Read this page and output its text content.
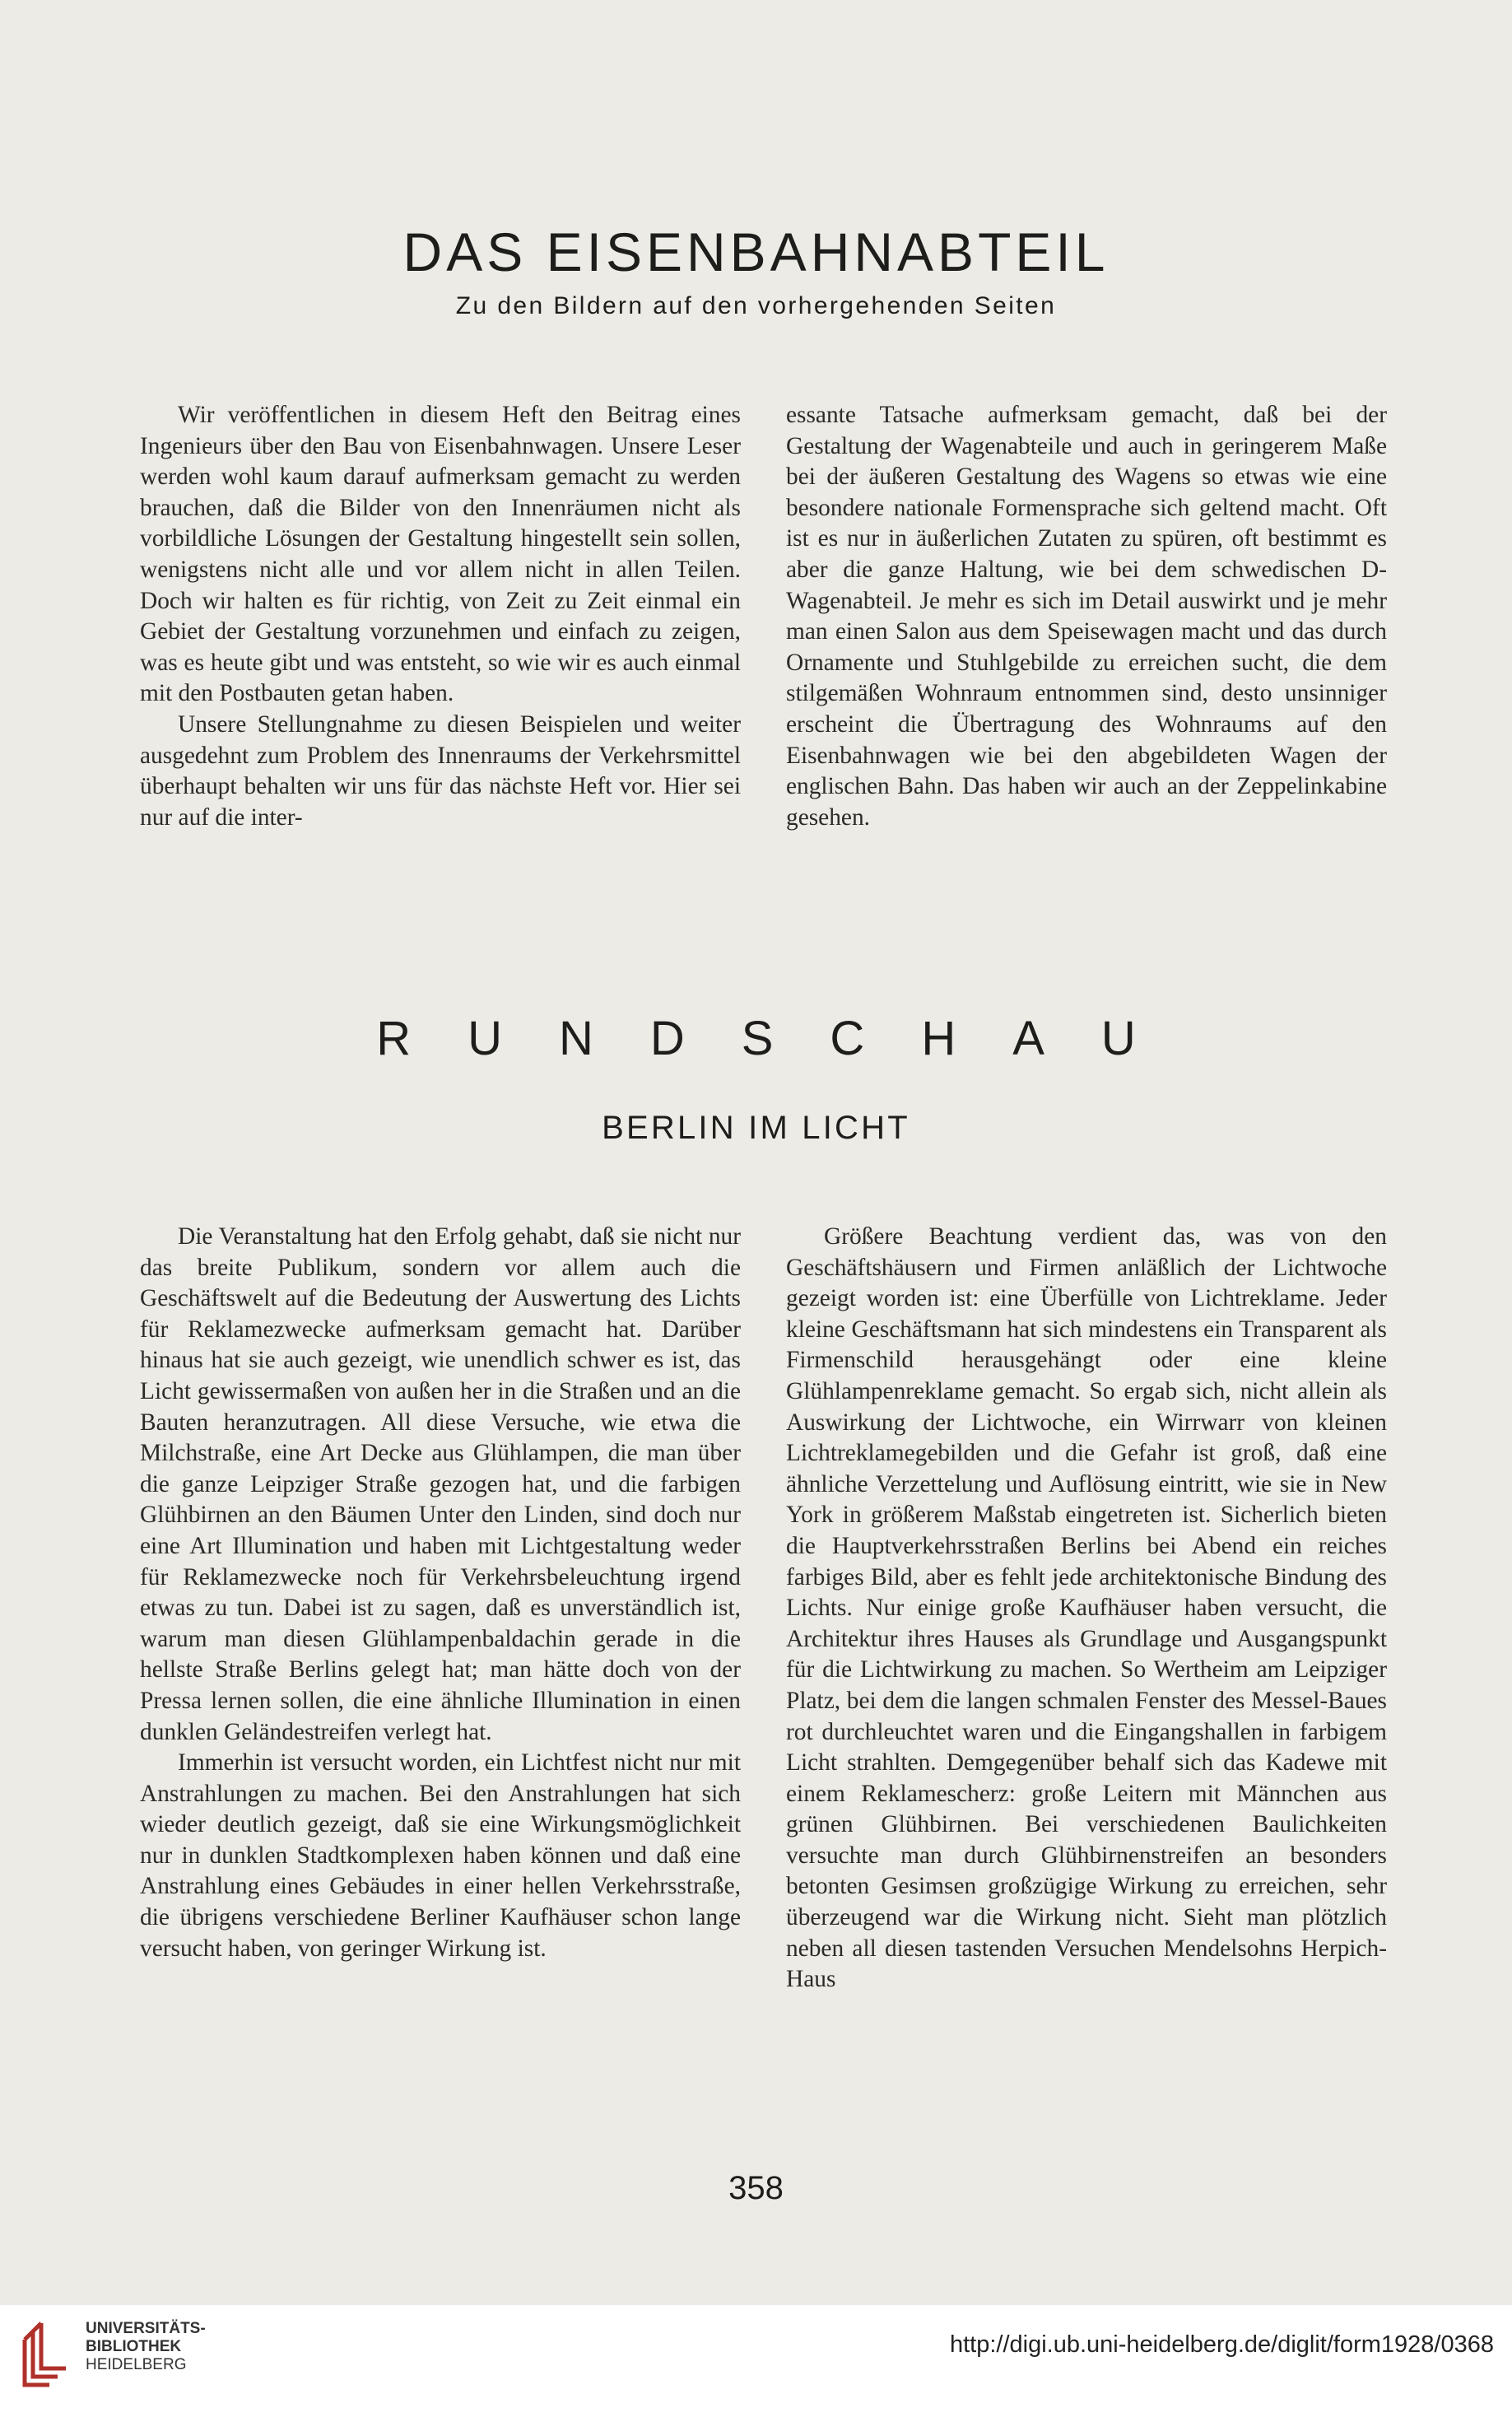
DAS EISENBAHNABTEIL
Zu den Bildern auf den vorhergehenden Seiten

Wir veröffentlichen in diesem Heft den Beitrag eines Ingenieurs über den Bau von Eisenbahnwagen. Unsere Leser werden wohl kaum darauf aufmerksam gemacht zu werden brauchen, daß die Bilder von den Innenräumen nicht als vorbildliche Lösungen der Gestaltung hingestellt sein sollen, wenigstens nicht alle und vor allem nicht in allen Teilen. Doch wir halten es für richtig, von Zeit zu Zeit einmal ein Gebiet der Gestaltung vorzunehmen und einfach zu zeigen, was es heute gibt und was entsteht, so wie wir es auch einmal mit den Postbauten getan haben.

Unsere Stellungnahme zu diesen Beispielen und weiter ausgedehnt zum Problem des Innenraums der Verkehrsmittel überhaupt behalten wir uns für das nächste Heft vor. Hier sei nur auf die inter-

essante Tatsache aufmerksam gemacht, daß bei der Gestaltung der Wagenabteile und auch in geringerem Maße bei der äußeren Gestaltung des Wagens so etwas wie eine besondere nationale Formensprache sich geltend macht. Oft ist es nur in äußerlichen Zutaten zu spüren, oft bestimmt es aber die ganze Haltung, wie bei dem schwedischen D-Wagenabteil. Je mehr es sich im Detail auswirkt und je mehr man einen Salon aus dem Speisewagen macht und das durch Ornamente und Stuhlgebilde zu erreichen sucht, die dem stilgemäßen Wohnraum entnommen sind, desto unsinniger erscheint die Übertragung des Wohnraums auf den Eisenbahnwagen wie bei den abgebildeten Wagen der englischen Bahn. Das haben wir auch an der Zeppelinkabine gesehen.

RUNDSCHAU
BERLIN IM LICHT

Die Veranstaltung hat den Erfolg gehabt, daß sie nicht nur das breite Publikum, sondern vor allem auch die Geschäftswelt auf die Bedeutung der Auswertung des Lichts für Reklamezwecke aufmerksam gemacht hat. Darüber hinaus hat sie auch gezeigt, wie unendlich schwer es ist, das Licht gewissermaßen von außen her in die Straßen und an die Bauten heranzutragen. All diese Versuche, wie etwa die Milchstraße, eine Art Decke aus Glühlampen, die man über die ganze Leipziger Straße gezogen hat, und die farbigen Glühbirnen an den Bäumen Unter den Linden, sind doch nur eine Art Illumination und haben mit Lichtgestaltung weder für Reklamezwecke noch für Verkehrsbeleuchtung irgend etwas zu tun. Dabei ist zu sagen, daß es unverständlich ist, warum man diesen Glühlampenbaldachin gerade in die hellste Straße Berlins gelegt hat; man hätte doch von der Pressa lernen sollen, die eine ähnliche Illumination in einen dunklen Geländestreifen verlegt hat.

Immerhin ist versucht worden, ein Lichtfest nicht nur mit Anstrahlungen zu machen. Bei den Anstrahlungen hat sich wieder deutlich gezeigt, daß sie eine Wirkungsmöglichkeit nur in dunklen Stadtkomplexen haben können und daß eine Anstrahlung eines Gebäudes in einer hellen Verkehrsstraße, die übrigens verschiedene Berliner Kaufhäuser schon lange versucht haben, von geringer Wirkung ist.

Größere Beachtung verdient das, was von den Geschäftshäusern und Firmen anläßlich der Lichtwoche gezeigt worden ist: eine Überfülle von Lichtreklame. Jeder kleine Geschäftsmann hat sich mindestens ein Transparent als Firmenschild herausgehängt oder eine kleine Glühlampenreklame gemacht. So ergab sich, nicht allein als Auswirkung der Lichtwoche, ein Wirrwarr von kleinen Lichtreklamegebilden und die Gefahr ist groß, daß eine ähnliche Verzettelung und Auflösung eintritt, wie sie in New York in größerem Maßstab eingetreten ist. Sicherlich bieten die Hauptverkehrsstraßen Berlins bei Abend ein reiches farbiges Bild, aber es fehlt jede architektonische Bindung des Lichts. Nur einige große Kaufhäuser haben versucht, die Architektur ihres Hauses als Grundlage und Ausgangspunkt für die Lichtwirkung zu machen. So Wertheim am Leipziger Platz, bei dem die langen schmalen Fenster des Messel-Baues rot durchleuchtet waren und die Eingangshallen in farbigem Licht strahlten. Demgegenüber behalf sich das Kadewe mit einem Reklamescherz: große Leitern mit Männchen aus grünen Glühbirnen. Bei verschiedenen Baulichkeiten versuchte man durch Glühbirnenstreifen an besonders betonten Gesimsen großzügige Wirkung zu erreichen, sehr überzeugend war die Wirkung nicht. Sieht man plötzlich neben all diesen tastenden Versuchen Mendelsohns Herpich-Haus

358
UNIVERSITÄTS-
BIBLIOTHEK
HEIDELBERG
http://digi.ub.uni-heidelberg.de/diglit/form1928/0368
